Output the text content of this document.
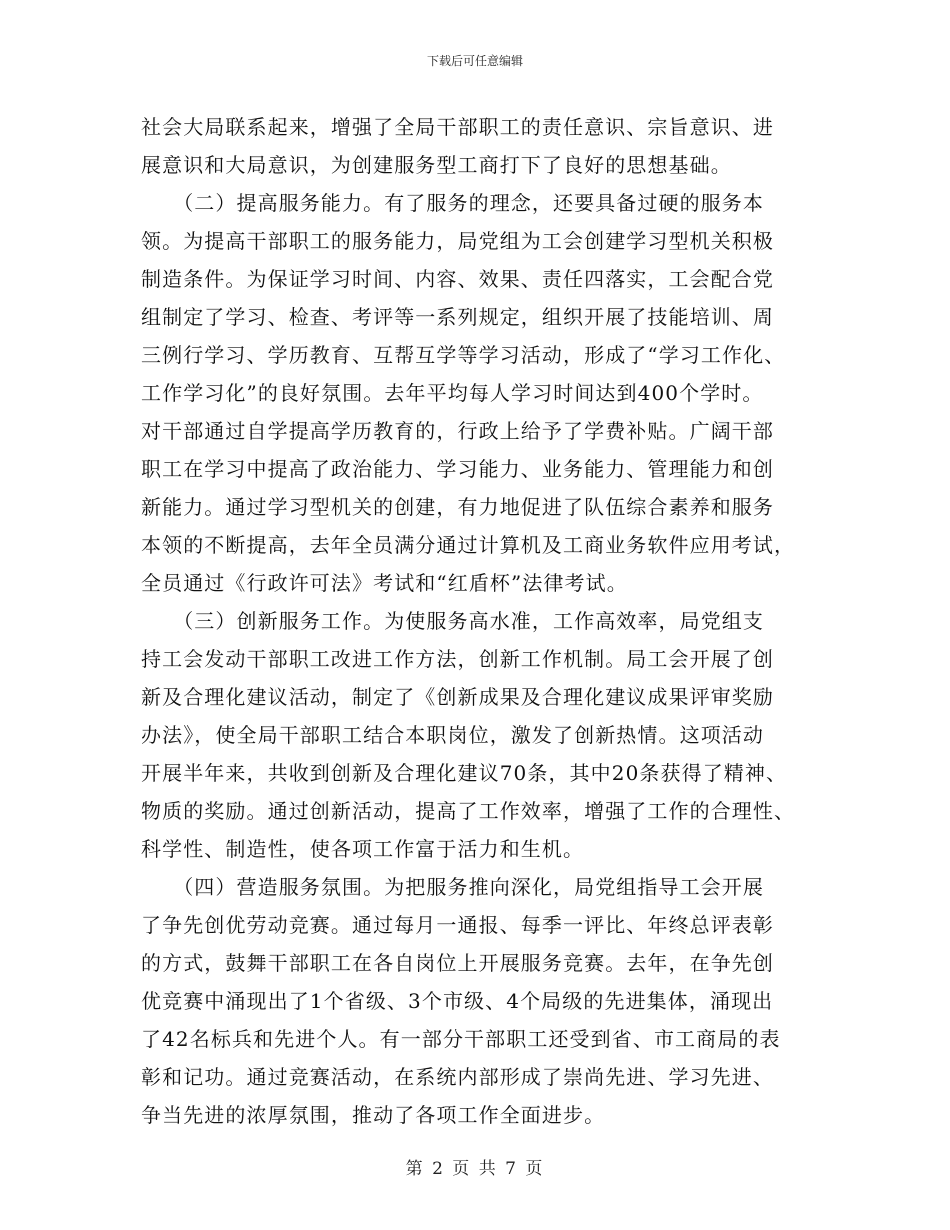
下载后可任意编辑
社会大局联系起来，增强了全局干部职工的责任意识、宗旨意识、进
展意识和大局意识，为创建服务型工商打下了良好的思想基础。
　　（二）提高服务能力。有了服务的理念，还要具备过硬的服务本
领。为提高干部职工的服务能力，局党组为工会创建学习型机关积极
制造条件。为保证学习时间、内容、效果、责任四落实，工会配合党
组制定了学习、检查、考评等一系列规定，组织开展了技能培训、周
三例行学习、学历教育、互帮互学等学习活动，形成了“学习工作化、
工作学习化”的良好氛围。去年平均每人学习时间达到400个学时。
对干部通过自学提高学历教育的，行政上给予了学费补贴。广阔干部
职工在学习中提高了政治能力、学习能力、业务能力、管理能力和创
新能力。通过学习型机关的创建，有力地促进了队伍综合素养和服务
本领的不断提高，去年全员满分通过计算机及工商业务软件应用考试，
全员通过《行政许可法》考试和“红盾杯”法律考试。
　　（三）创新服务工作。为使服务高水准，工作高效率，局党组支
持工会发动干部职工改进工作方法，创新工作机制。局工会开展了创
新及合理化建议活动，制定了《创新成果及合理化建议成果评审奖励
办法》，使全局干部职工结合本职岗位，激发了创新热情。这项活动
开展半年来，共收到创新及合理化建议70条，其中20条获得了精神、
物质的奖励。通过创新活动，提高了工作效率，增强了工作的合理性、
科学性、制造性，使各项工作富于活力和生机。
　　（四）营造服务氛围。为把服务推向深化，局党组指导工会开展
了争先创优劳动竞赛。通过每月一通报、每季一评比、年终总评表彰
的方式，鼓舞干部职工在各自岗位上开展服务竞赛。去年，在争先创
优竞赛中涌现出了1个省级、3个市级、4个局级的先进集体，涌现出
了42名标兵和先进个人。有一部分干部职工还受到省、市工商局的表
彰和记功。通过竞赛活动，在系统内部形成了崇尚先进、学习先进、
争当先进的浓厚氛围，推动了各项工作全面进步。
第 2 页 共 7 页
